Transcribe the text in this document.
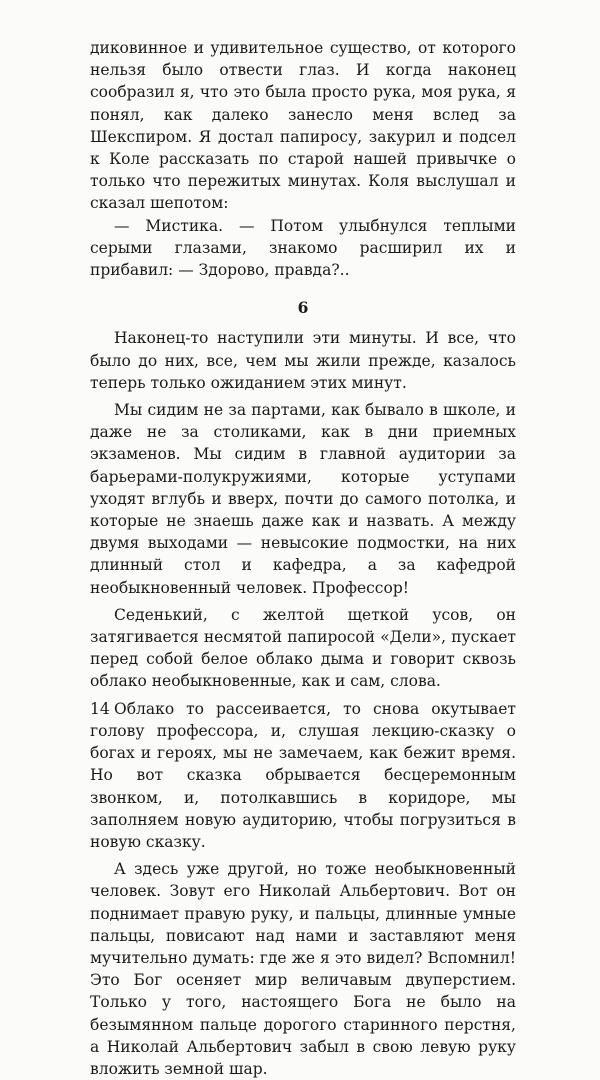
диковинное и удивительное существо, от которого нельзя было отвести глаз. И когда наконец сообразил я, что это была просто рука, моя рука, я понял, как далеко занесло меня вслед за Шекспиром. Я достал папиросу, закурил и подсел к Коле рассказать по старой нашей привычке о только что пережитых минутах. Коля выслушал и сказал шепотом:

— Мистика. — Потом улыбнулся теплыми серыми глазами, знакомо расширил их и прибавил: — Здорово, правда?..

6

Наконец-то наступили эти минуты. И все, что было до них, все, чем мы жили прежде, казалось теперь только ожиданием этих минут.

Мы сидим не за партами, как бывало в школе, и даже не за столиками, как в дни приемных экзаменов. Мы сидим в главной аудитории за барьерами-полукружиями, которые уступами уходят вглубь и вверх, почти до самого потолка, и которые не знаешь даже как и назвать. А между двумя выходами — невысокие подмостки, на них длинный стол и кафедра, а за кафедрой необыкновенный человек. Профессор!

Седенький, с желтой щеткой усов, он затягивается несмятой папиросой «Дели», пускает перед собой белое облако дыма и говорит сквозь облако необыкновенные, как и сам, слова.

Облако то рассеивается, то снова окутывает голову профессора, и, слушая лекцию-сказку о богах и героях, мы не замечаем, как бежит время. Но вот сказка обрывается бесцеремонным звонком, и, потолкавшись в коридоре, мы заполняем новую аудиторию, чтобы погрузиться в новую сказку.

А здесь уже другой, но тоже необыкновенный человек. Зовут его Николай Альбертович. Вот он поднимает правую руку, и пальцы, длинные умные пальцы, повисают над нами и заставляют меня мучительно думать: где же я это видел? Вспомнил! Это Бог осеняет мир величавым двуперстием. Только у того, настоящего Бога не было на безымянном пальце дорогого старинного перстня, а Николай Альбертович забыл в свою левую руку вложить земной шар.

14
